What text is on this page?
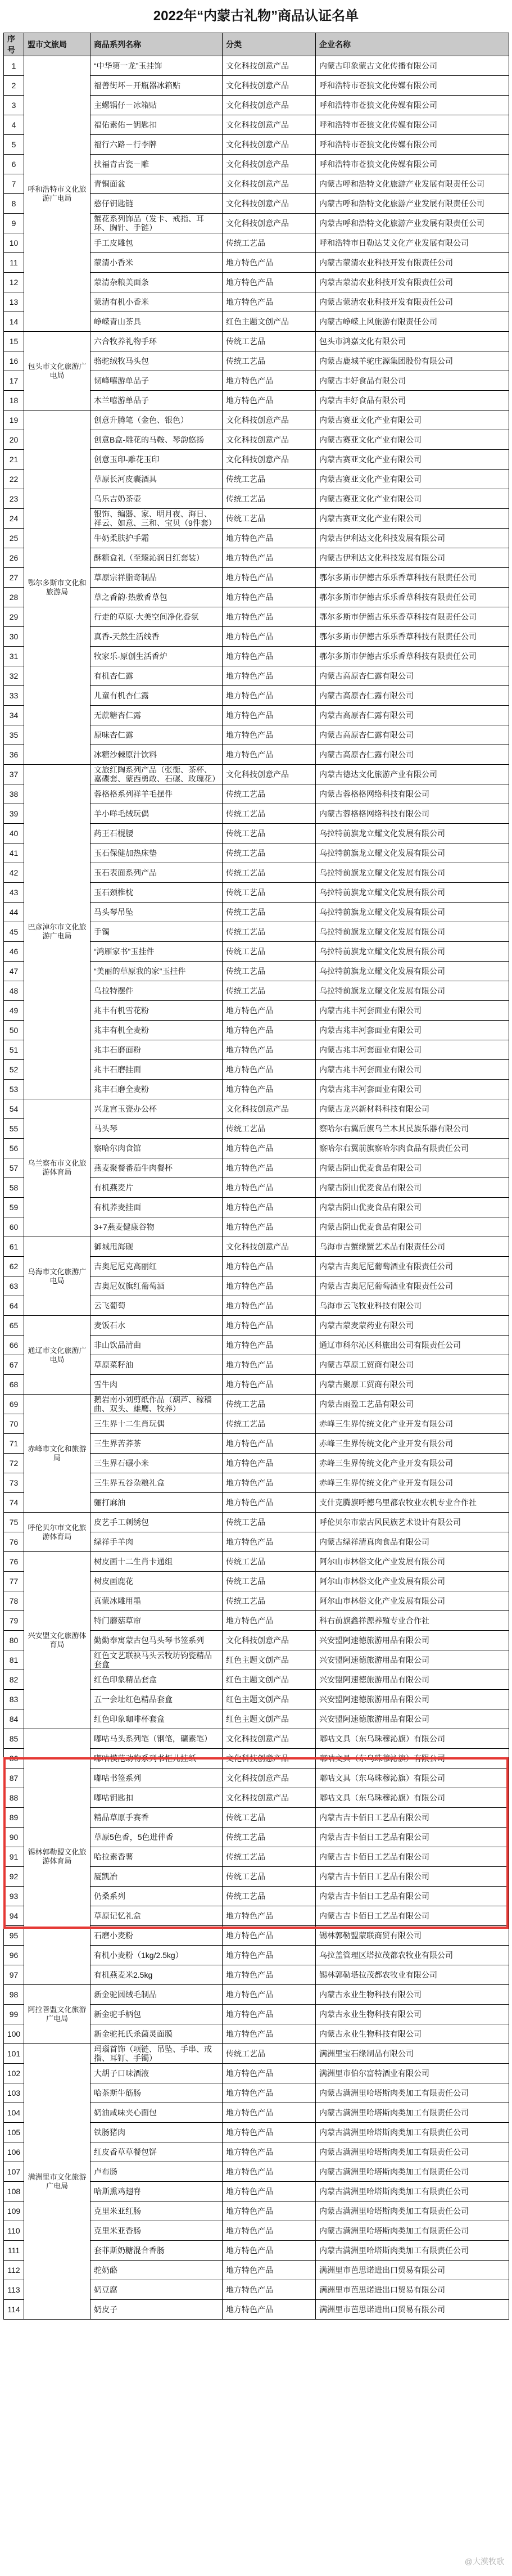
2022年“内蒙古礼物”商品认证名单
序号	盟市文旅局	商品系列名称	分类	企业名称
1	呼和浩特市文化旅游广电局	“中华第一龙”玉挂饰	文化科技创意产品	内蒙古印象蒙古文化传播有限公司
2		福善街坏－开瓶器冰箱贴	文化科技创意产品	呼和浩特市苍狼文化传媒有限公司
3		主螺锅仔－冰箱贴	文化科技创意产品	呼和浩特市苍狼文化传媒有限公司
4		福佑素佑－钥匙扣	文化科技创意产品	呼和浩特市苍狼文化传媒有限公司
5		福行六路－行李牌	文化科技创意产品	呼和浩特市苍狼文化传媒有限公司
6		扶福青古瓷－雕	文化科技创意产品	呼和浩特市苍狼文化传媒有限公司
7		青铜面盆	文化科技创意产品	内蒙古呼和浩特文化旅游产业发展有限责任公司
8		憨仔钥匙链	文化科技创意产品	内蒙古呼和浩特文化旅游产业发展有限责任公司
9		蟹花系列饰品（发卡、戒指、耳环、胸针、手链）	文化科技创意产品	内蒙古呼和浩特文化旅游产业发展有限责任公司
10		手工皮雕包	传统工艺品	呼和浩特市日勒达艾文化产业发展有限公司
11		蒙清小香米	地方特色产品	内蒙古蒙清农业科技开发有限责任公司
12		蒙清杂粮美面条	地方特色产品	内蒙古蒙清农业科技开发有限责任公司
13		蒙清有机小香米	地方特色产品	内蒙古蒙清农业科技开发有限责任公司
14		峥嵘青山茶具	红色主题文创产品	内蒙古峥嵘上风旅游有限责任公司
15	包头市文化旅游广电局	六合牧养礼物手环	传统工艺品	包头市鸿嘉文化有限公司
16		骆驼绒牧马头包	传统工艺品	内蒙古鹿城羊驼庄源集团股份有限公司
17		韧峰嘻游单品子	地方特色产品	内蒙古丰好食品有限公司
18		木兰嘻游单品子	地方特色产品	内蒙古丰好食品有限公司
19	鄂尔多斯市文化和旅游局	创意升腾笔（金色、银色）	文化科技创意产品	内蒙古赛亚文化产业有限公司
20		创意B盒-雕花的马鞍、琴韵悠扬	文化科技创意产品	内蒙古赛亚文化产业有限公司
21		创意玉印-雕花玉印	文化科技创意产品	内蒙古赛亚文化产业有限公司
22		草原长河皮囊酒具	传统工艺品	内蒙古赛亚文化产业有限公司
23		乌乐吉奶茶壶	传统工艺品	内蒙古赛亚文化产业有限公司
24		银饰、编器、家、明月夜、海日、祥云、如意、三和、宝贝（9件套）	传统工艺品	内蒙古赛亚文化产业有限公司
25		牛奶柔肤护手霜	地方特色产品	内蒙古伊利达文化科技发展有限公司
26		酥糖盒礼（至臻沁润日红套装）	地方特色产品	内蒙古伊利达文化科技发展有限公司
27		草原宗祥脂奇制品	地方特色产品	鄂尔多斯市伊德古乐乐香草科技有限责任公司
28		草之香韵·热敷香草包	地方特色产品	鄂尔多斯市伊德古乐乐香草科技有限责任公司
29		行走的草原·大美空间净化香氛	地方特色产品	鄂尔多斯市伊德古乐乐香草科技有限责任公司
30		真香-天然生活线香	地方特色产品	鄂尔多斯市伊德古乐乐香草科技有限责任公司
31		牧家乐-原创生活香炉	地方特色产品	鄂尔多斯市伊德古乐乐香草科技有限责任公司
32		有机杏仁露	地方特色产品	内蒙古高原杏仁露有限公司
33		儿童有机杏仁露	地方特色产品	内蒙古高原杏仁露有限公司
34		无蔗糖杏仁露	地方特色产品	内蒙古高原杏仁露有限公司
35		原味杏仁露	地方特色产品	内蒙古高原杏仁露有限公司
36		冰糖沙棘原汁饮料	地方特色产品	内蒙古高原杏仁露有限公司
37	巴彦淖尔市文化旅游广电局	文旅红陶系列产品（张衡、茶杯、嘉碟套、蒙西勇敢、石碾、玫瑰花）	文化科技创意产品	内蒙古德达文化旅游产业有限公司
38		蓉格格系列祥羊毛摆件	传统工艺品	内蒙古蓉格格网络科技有限公司
39		羊小咩毛绒玩偶	传统工艺品	内蒙古蓉格格网络科技有限公司
40		药王石棍腰	传统工艺品	乌拉特前旗龙立耀文化发展有限公司
41		玉石保健加热床垫	传统工艺品	乌拉特前旗龙立耀文化发展有限公司
42		玉石表面系列产品	传统工艺品	乌拉特前旗龙立耀文化发展有限公司
43		玉石颈椎枕	传统工艺品	乌拉特前旗龙立耀文化发展有限公司
44		马头琴吊坠	传统工艺品	乌拉特前旗龙立耀文化发展有限公司
45		手镯	传统工艺品	乌拉特前旗龙立耀文化发展有限公司
46		“鸿雁家书”玉挂件	传统工艺品	乌拉特前旗龙立耀文化发展有限公司
47		“美丽的草原我的家”玉挂件	传统工艺品	乌拉特前旗龙立耀文化发展有限公司
48		乌拉特摆件	传统工艺品	乌拉特前旗龙立耀文化发展有限公司
49		兆丰有机雪花粉	地方特色产品	内蒙古兆丰河套面业有限公司
50		兆丰有机全麦粉	地方特色产品	内蒙古兆丰河套面业有限公司
51		兆丰石磨面粉	地方特色产品	内蒙古兆丰河套面业有限公司
52		兆丰石磨挂面	地方特色产品	内蒙古兆丰河套面业有限公司
53		兆丰石磨全麦粉	地方特色产品	内蒙古兆丰河套面业有限公司
54	乌兰察布市文化旅游体育局	兴龙宫玉瓷办公杯	文化科技创意产品	内蒙古龙兴新材料科技有限公司
55		马头琴	传统工艺品	察哈尔右翼后旗乌兰木其民族乐器有限公司
56		察哈尔肉食馆	地方特色产品	察哈尔右翼前旗察哈尔肉食品有限责任公司
57		燕麦聚餐番茄牛肉餐杯	地方特色产品	内蒙古阴山优麦食品有限公司
58		有机燕麦片	地方特色产品	内蒙古阴山优麦食品有限公司
59		有机荞麦挂面	地方特色产品	内蒙古阴山优麦食品有限公司
60		3+7燕麦健康谷物	地方特色产品	内蒙古阴山优麦食品有限公司
61	乌海市文化旅游广电局	御城甩海砚	文化科技创意产品	乌海市吉蟹缘蟹艺术品有限责任公司
62		吉奥尼尼克高丽红	地方特色产品	内蒙古吉奥尼尼葡萄酒业有限责任公司
63		吉奥尼奴旗红葡萄酒	地方特色产品	内蒙古吉奥尼尼葡萄酒业有限责任公司
64		云飞葡萄	地方特色产品	乌海市云飞牧业科技有限公司
65	通辽市文化旅游广电局	麦饭石水	地方特色产品	内蒙古蒙麦蒙药业有限公司
66		非山饮品清曲	地方特色产品	通辽市科尔沁区科旅出公司有限责任公司
67		草原菜籽油	地方特色产品	内蒙古草原工贸商有限公司
68		雪牛肉	地方特色产品	内蒙古聚原工贸商有限公司
69	赤峰市文化和旅游局	鹅岩南小刘剪纸作品（葫芦、稼穑曲、双头、雄鹰、牧养）	传统工艺品	内蒙古雨盈工艺品有限公司
70		三生界十二生肖玩偶	传统工艺品	赤峰三生界传统文化产业开发有限公司
71		三生界苦荞茶	地方特色产品	赤峰三生界传统文化产业开发有限公司
72		三生界石碾小米	地方特色产品	赤峰三生界传统文化产业开发有限公司
73		三生界五谷杂粮礼盒	地方特色产品	赤峰三生界传统文化产业开发有限公司
74		骊打麻油	地方特色产品	支什克腾旗呼德乌里都农牧业农机专业合作社
75	呼伦贝尔市文化旅游体育局	皮艺手工刺绣包	传统工艺品	呼伦贝尔市蒙古风民族艺术设计有限公司
76		绿祥手羊肉	地方特色产品	内蒙古绿祥清真肉食品有限公司
76	兴安盟文化旅游体育局	树皮画十二生肖卡通组	传统工艺品	阿尔山市林俗文化产业发展有限公司
77		树皮画鹿花	传统工艺品	阿尔山市林俗文化产业发展有限公司
78		真蒙冰雕用墨	传统工艺品	阿尔山市林俗文化产业发展有限公司
79		特门蘑菇草帘	地方特色产品	科右前旗鑫祥源养殖专业合作社
80		勤勤奉寓蒙古包马头琴书签系列	文化科技创意产品	兴安盟阿速德旅游用品有限公司
81		红色文艺联袂马头云牧坊钧瓷精品套盒	红色主题文创产品	兴安盟阿速德旅游用品有限公司
82		红色印象精品套盒	红色主题文创产品	兴安盟阿速德旅游用品有限公司
83		五一会址红色精品套盒	红色主题文创产品	兴安盟阿速德旅游用品有限公司
84		红色印象咖啡杯套盒	红色主题文创产品	兴安盟阿速德旅游用品有限公司
85	锡林郭勒盟文化旅游体育局	嘟咕马头系列笔（钢笔，礦素笔）	文化科技创意产品	嘟咕文具（东乌珠穆沁旗）有限公司
86		嘟咕模范动物系列书柜儿挂纸	文化科技创意产品	嘟咕文具（东乌珠穆沁旗）有限公司
87		嘟咕书签系列	文化科技创意产品	嘟咕文具（东乌珠穆沁旗）有限公司
88		嘟咕钥匙扣	文化科技创意产品	嘟咕文具（东乌珠穆沁旗）有限公司
89		精品草原手赛香	传统工艺品	内蒙古吉卡佰日工艺品有限公司
90		草原5色香，5色进伴香	传统工艺品	内蒙古吉卡佰日工艺品有限公司
91		哈拉素香薯	传统工艺品	内蒙古吉卡佰日工艺品有限公司
92		厦凯冶	传统工艺品	内蒙古吉卡佰日工艺品有限公司
93		仍桑系列	传统工艺品	内蒙古吉卡佰日工艺品有限公司
94		草原记忆礼盒	地方特色产品	内蒙古吉卡佰日工艺品有限公司
95		石磨小麦粉	地方特色产品	锡林郭勒盟蒙联商贸有限公司
96		有机小麦粉（1kg/2.5kg）	地方特色产品	乌拉盖管理区塔拉茂都农牧业有限公司
97		有机燕麦米2.5kg	地方特色产品	锡林郭勒塔拉茂都农牧业有限公司
98	阿拉善盟文化旅游广电局	新金驼圆绒毛制品	地方特色产品	内蒙古永业生物科技有限公司
99		新金驼手柄包	地方特色产品	内蒙古永业生物科技有限公司
100		新金驼托氏杀菌灵面膜	地方特色产品	内蒙古永业生物科技有限公司
101	满洲里市文化旅游广电局	玛瑙首饰（项链、吊坠、手串、戒指、耳钉、手镯）	传统工艺品	满洲里宝石缘制品有限公司
102		大胡子口味酒液	地方特色产品	满洲里市伯尔富特酒业有限公司
103		哈茶斯牛筋肠	地方特色产品	内蒙古满洲里哈塔斯肉类加工有限责任公司
104		奶油咸味夹心面包	地方特色产品	内蒙古满洲里哈塔斯肉类加工有限责任公司
105		铁肠猪肉	地方特色产品	内蒙古满洲里哈塔斯肉类加工有限责任公司
106		红皮香草草餐包饼	地方特色产品	内蒙古满洲里哈塔斯肉类加工有限责任公司
107		卢布肠	地方特色产品	内蒙古满洲里哈塔斯肉类加工有限责任公司
108		哈斯熏鸡翅脊	地方特色产品	内蒙古满洲里哈塔斯肉类加工有限责任公司
109		克里米亚红肠	地方特色产品	内蒙古满洲里哈塔斯肉类加工有限责任公司
110		克里米亚香肠	地方特色产品	内蒙古满洲里哈塔斯肉类加工有限责任公司
111		套菲斯奶糖混合香肠	地方特色产品	内蒙古满洲里哈塔斯肉类加工有限责任公司
112		驼奶酪	地方特色产品	满洲里市芭思诺进出口贸易有限公司
113		奶豆腐	地方特色产品	满洲里市芭思诺进出口贸易有限公司
114		奶皮子	地方特色产品	满洲里市芭思诺进出口贸易有限公司
@大漠牧歌
